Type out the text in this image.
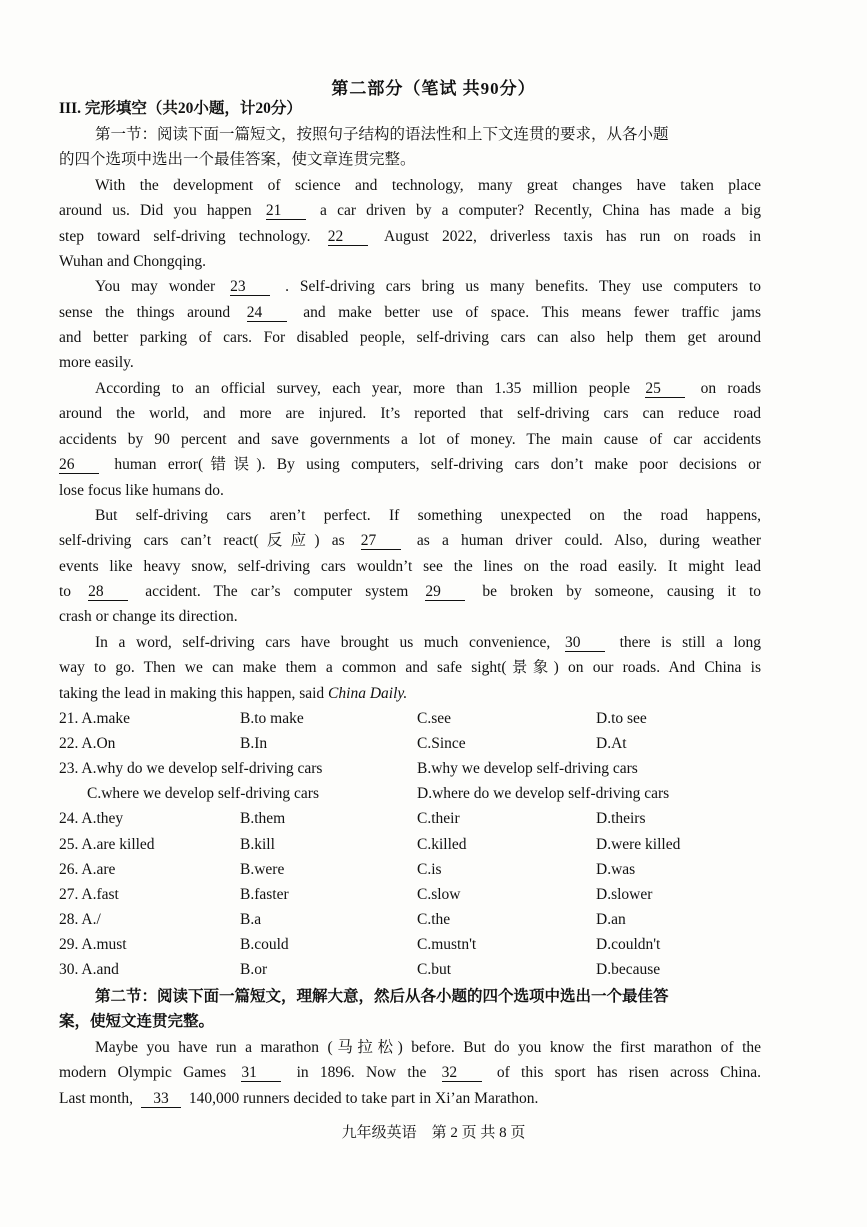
第二部分（笔试 共90分）
III. 完形填空（共20小题，计20分）
第一节：阅读下面一篇短文，按照句子结构的语法性和上下文连贯的要求，从各小题
的四个选项中选出一个最佳答案，使文章连贯完整。
With the development of science and technology, many great changes have taken place
around us. Did you happen 21 a car driven by a computer? Recently, China has made a big
step toward self-driving technology. 22	August 2022, driverless taxis has run on roads in
Wuhan and Chongqing.
You may wonder 23	. Self-driving cars bring us many benefits. They use computers to
sense the things around 24	and make better use of space. This means fewer traffic jams
and better parking of cars. For disabled people, self-driving cars can also help them get around
more easily.
According to an official survey, each year, more than 1.35 million people 25	on roads
around the world, and more are injured. It’s reported that self-driving cars can reduce road
accidents by 90 percent and save governments a lot of money. The main cause of car accidents
26	human error(错误). By using computers, self-driving cars don’t make poor decisions or
lose focus like humans do.
But self-driving cars aren’t perfect. If something unexpected on the road happens,
self-driving cars can’t react(反应) as 27	as a human driver could. Also, during weather
events like heavy snow, self-driving cars wouldn’t see the lines on the road easily. It might lead
to 28	accident. The car’s computer system 29	be broken by someone, causing it to
crash or change its direction.
In a word, self-driving cars have brought us much convenience, 30	there is still a long
way to go. Then we can make them a common and safe sight(景象) on our roads. And China is
taking the lead in making this happen, said China Daily.
21. A.make	B.to make	C.see	D.to see
22. A.On	B.In	C.Since	D.At
23. A.why do we develop self-driving cars	B.why we develop self-driving cars
C.where we develop self-driving cars	D.where do we develop self-driving cars
24. A.they	B.them	C.their	D.theirs
25. A.are killed	B.kill	C.killed	D.were killed
26. A.are	B.were	C.is	D.was
27. A.fast	B.faster	C.slow	D.slower
28. A./	B.a	C.the	D.an
29. A.must	B.could	C.mustn't	D.couldn't
30. A.and	B.or	C.but	D.because
第二节：阅读下面一篇短文，理解大意，然后从各小题的四个选项中选出一个最佳答
案，使短文连贯完整。
Maybe you have run a marathon (马拉松) before. But do you know the first marathon of the
modern Olympic Games 31	in 1896. Now the 32	of this sport has risen across China.
Last month, 33 140,000 runners decided to take part in Xi’an Marathon.
九年级英语　第 2 页 共 8 页
